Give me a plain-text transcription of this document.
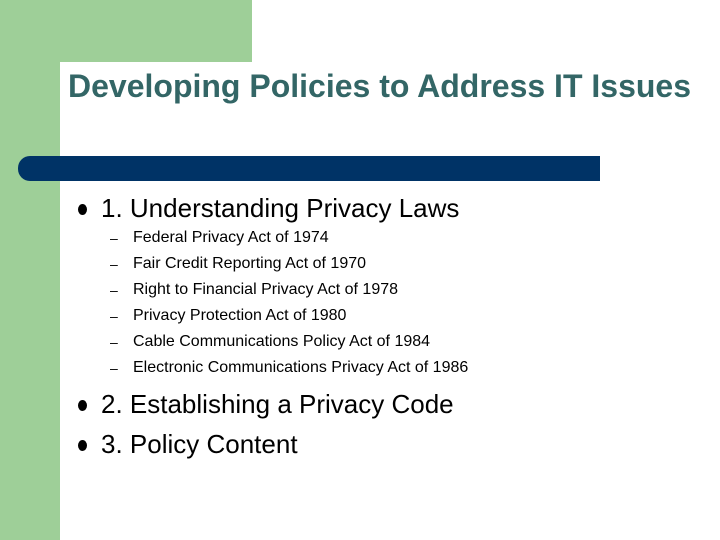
Developing Policies to Address IT Issues
1. Understanding Privacy Laws
– Federal Privacy Act of 1974
– Fair Credit Reporting Act of 1970
– Right to Financial Privacy Act of 1978
– Privacy Protection Act of 1980
– Cable Communications Policy Act of 1984
– Electronic Communications Privacy Act of 1986
2. Establishing a Privacy Code
3. Policy Content
